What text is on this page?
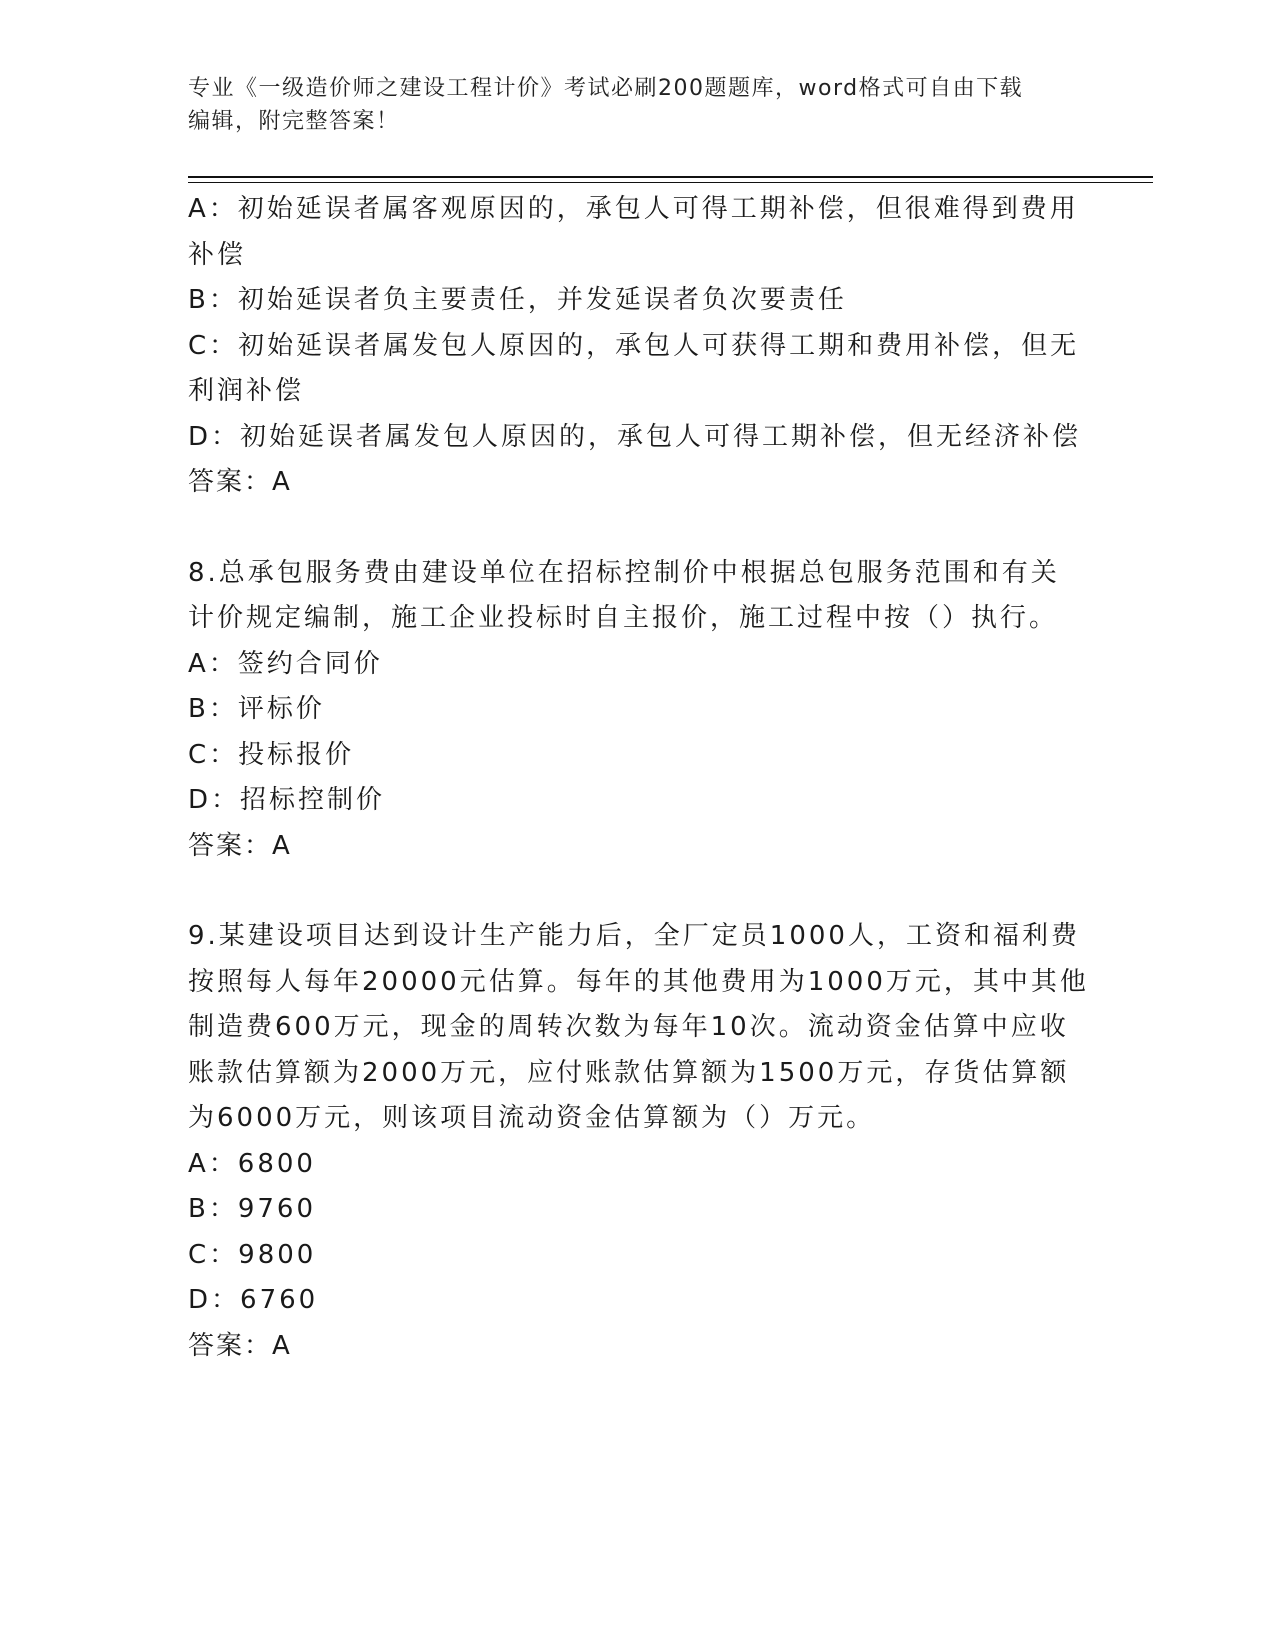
专业《一级造价师之建设工程计价》考试必刷200题题库，word格式可自由下载
编辑，附完整答案！
A：初始延误者属客观原因的，承包人可得工期补偿，但很难得到费用
补偿
B：初始延误者负主要责任，并发延误者负次要责任
C：初始延误者属发包人原因的，承包人可获得工期和费用补偿，但无
利润补偿
D：初始延误者属发包人原因的，承包人可得工期补偿，但无经济补偿
答案：A
8.总承包服务费由建设单位在招标控制价中根据总包服务范围和有关
计价规定编制，施工企业投标时自主报价，施工过程中按（）执行。
A：签约合同价
B：评标价
C：投标报价
D：招标控制价
答案：A
9.某建设项目达到设计生产能力后，全厂定员1000人，工资和福利费
按照每人每年20000元估算。每年的其他费用为1000万元，其中其他
制造费600万元，现金的周转次数为每年10次。流动资金估算中应收
账款估算额为2000万元，应付账款估算额为1500万元，存货估算额
为6000万元，则该项目流动资金估算额为（）万元。
A：6800
B：9760
C：9800
D：6760
答案：A
